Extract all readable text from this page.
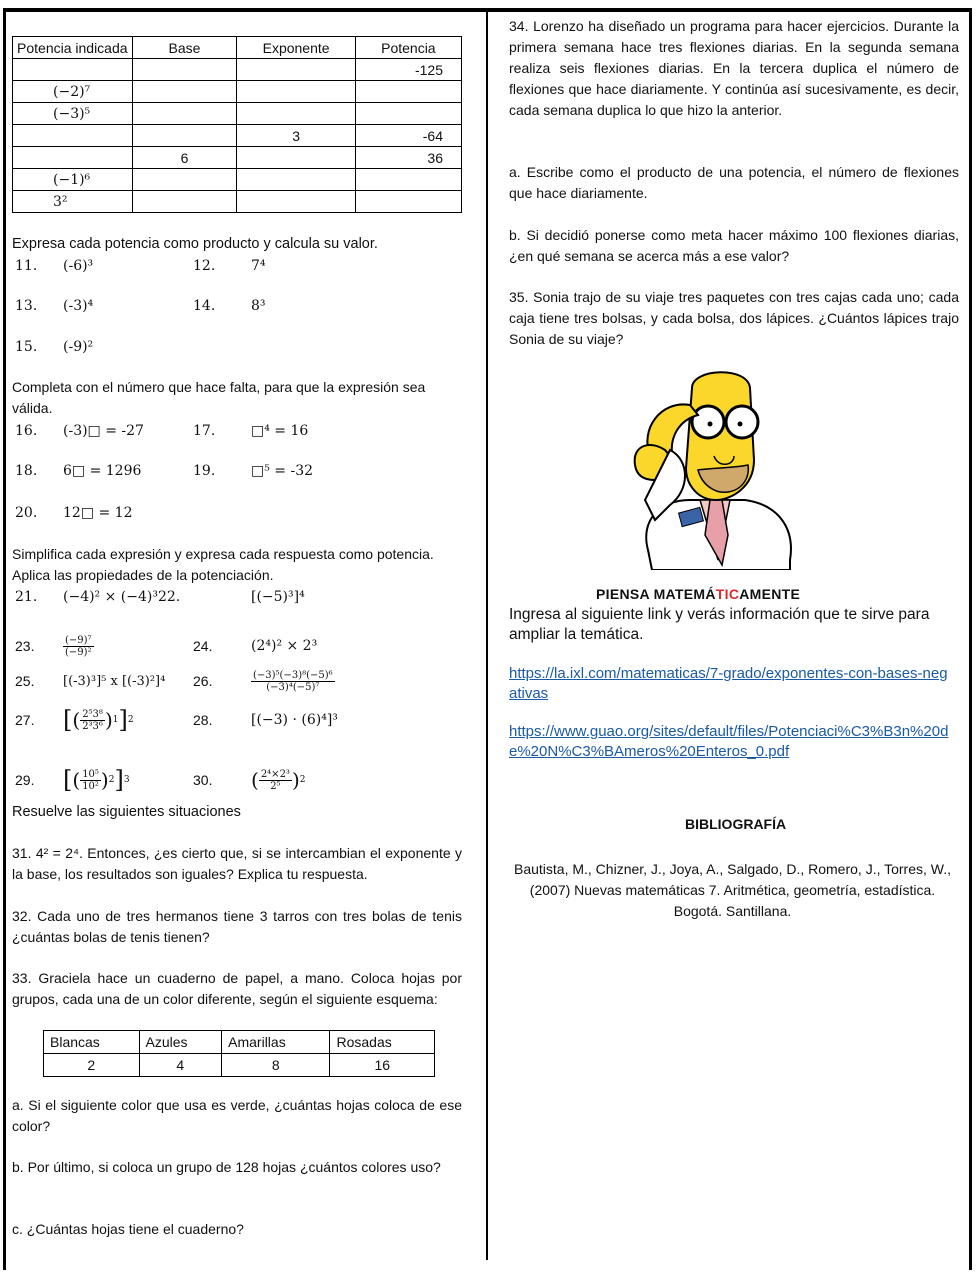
Potencia indicada	Base	Exponente	Potencia
			-125
(−2)⁷			
(−3)⁵			
		3	-64
	6		36
(−1)⁶			
3²			
Expresa cada potencia como producto y calcula su valor.
11. (-6)³	12.	7⁴
13. (-3)⁴	14.	8³
15. (-9)²
Completa con el número que hace falta, para que la expresión sea válida.
16. (-3)□ = -27	17.	□⁴ = 16
18. 6□ = 1296	19.	□⁵ = -32
20. 12□ = 12
Simplifica cada expresión y expresa cada respuesta como potencia. Aplica las propiedades de la potenciación.
21. (−4)² × (−4)³22.	[(−5)³]⁴
23.	$\frac{\text{(−9)⁷}}{\text{(−9)²}} 24$.	(2⁴)² × 2³
25.	[(-3)³]⁵ x [(-3)²]⁴	26.	$\frac{\text{(−3)⁵(−3)⁸(−5)⁶}}{\text{(−3)⁴(−5)⁷}}$
27.	[ ( $\frac{\text{2⁵3⁸}}{\text{2³3⁶}}$ ) 1 ] 2	28.	[(−3) · (6)⁴]³
29.	[ ( $\frac{\text{10⁵}}{\text{10²}}$ ) 2 ] 3	30.	( $\frac{\text{2⁴×2³}}{\text{2⁵}}$ ) 2
Resuelve las siguientes situaciones
31. 4² = 2⁴. Entonces, ¿es cierto que, si se intercambian el exponente y la base, los resultados son iguales? Explica tu respuesta.
32. Cada uno de tres hermanos tiene 3 tarros con tres bolas de tenis ¿cuántas bolas de tenis tienen?
33. Graciela hace un cuaderno de papel, a mano. Coloca hojas por grupos, cada una de un color diferente, según el siguiente esquema:
Blancas	Azules	Amarillas	Rosadas
2	4	8	16
a. Si el siguiente color que usa es verde, ¿cuántas hojas coloca de ese color?
b. Por último, si coloca un grupo de 128 hojas ¿cuántos colores uso?
c. ¿Cuántas hojas tiene el cuaderno?
34. Lorenzo ha diseñado un programa para hacer ejercicios. Durante la primera semana hace tres flexiones diarias. En la segunda semana realiza seis flexiones diarias. En la tercera duplica el número de flexiones que hace diariamente. Y continúa así sucesivamente, es decir, cada semana duplica lo que hizo la anterior.
a. Escribe como el producto de una potencia, el número de flexiones que hace diariamente.
b. Si decidió ponerse como meta hacer máximo 100 flexiones diarias, ¿en qué semana se acerca más a ese valor?
35. Sonia trajo de su viaje tres paquetes con tres cajas cada uno; cada caja tiene tres bolsas, y cada bolsa, dos lápices. ¿Cuántos lápices trajo Sonia de su viaje?
PIENSA MATEMÁTICAMENTE
Ingresa al siguiente link y verás información que te sirve para ampliar la temática.
https://la.ixl.com/matematicas/7-grado/exponentes-con-bases-negativas
https://www.guao.org/sites/default/files/Potenciaci%C3%B3n%20de%20N%C3%BAmeros%20Enteros_0.pdf
BIBLIOGRAFÍA
Bautista, M., Chizner, J., Joya, A., Salgado, D., Romero, J., Torres, W., (2007) Nuevas matemáticas 7. Aritmética, geometría, estadística. Bogotá. Santillana.
